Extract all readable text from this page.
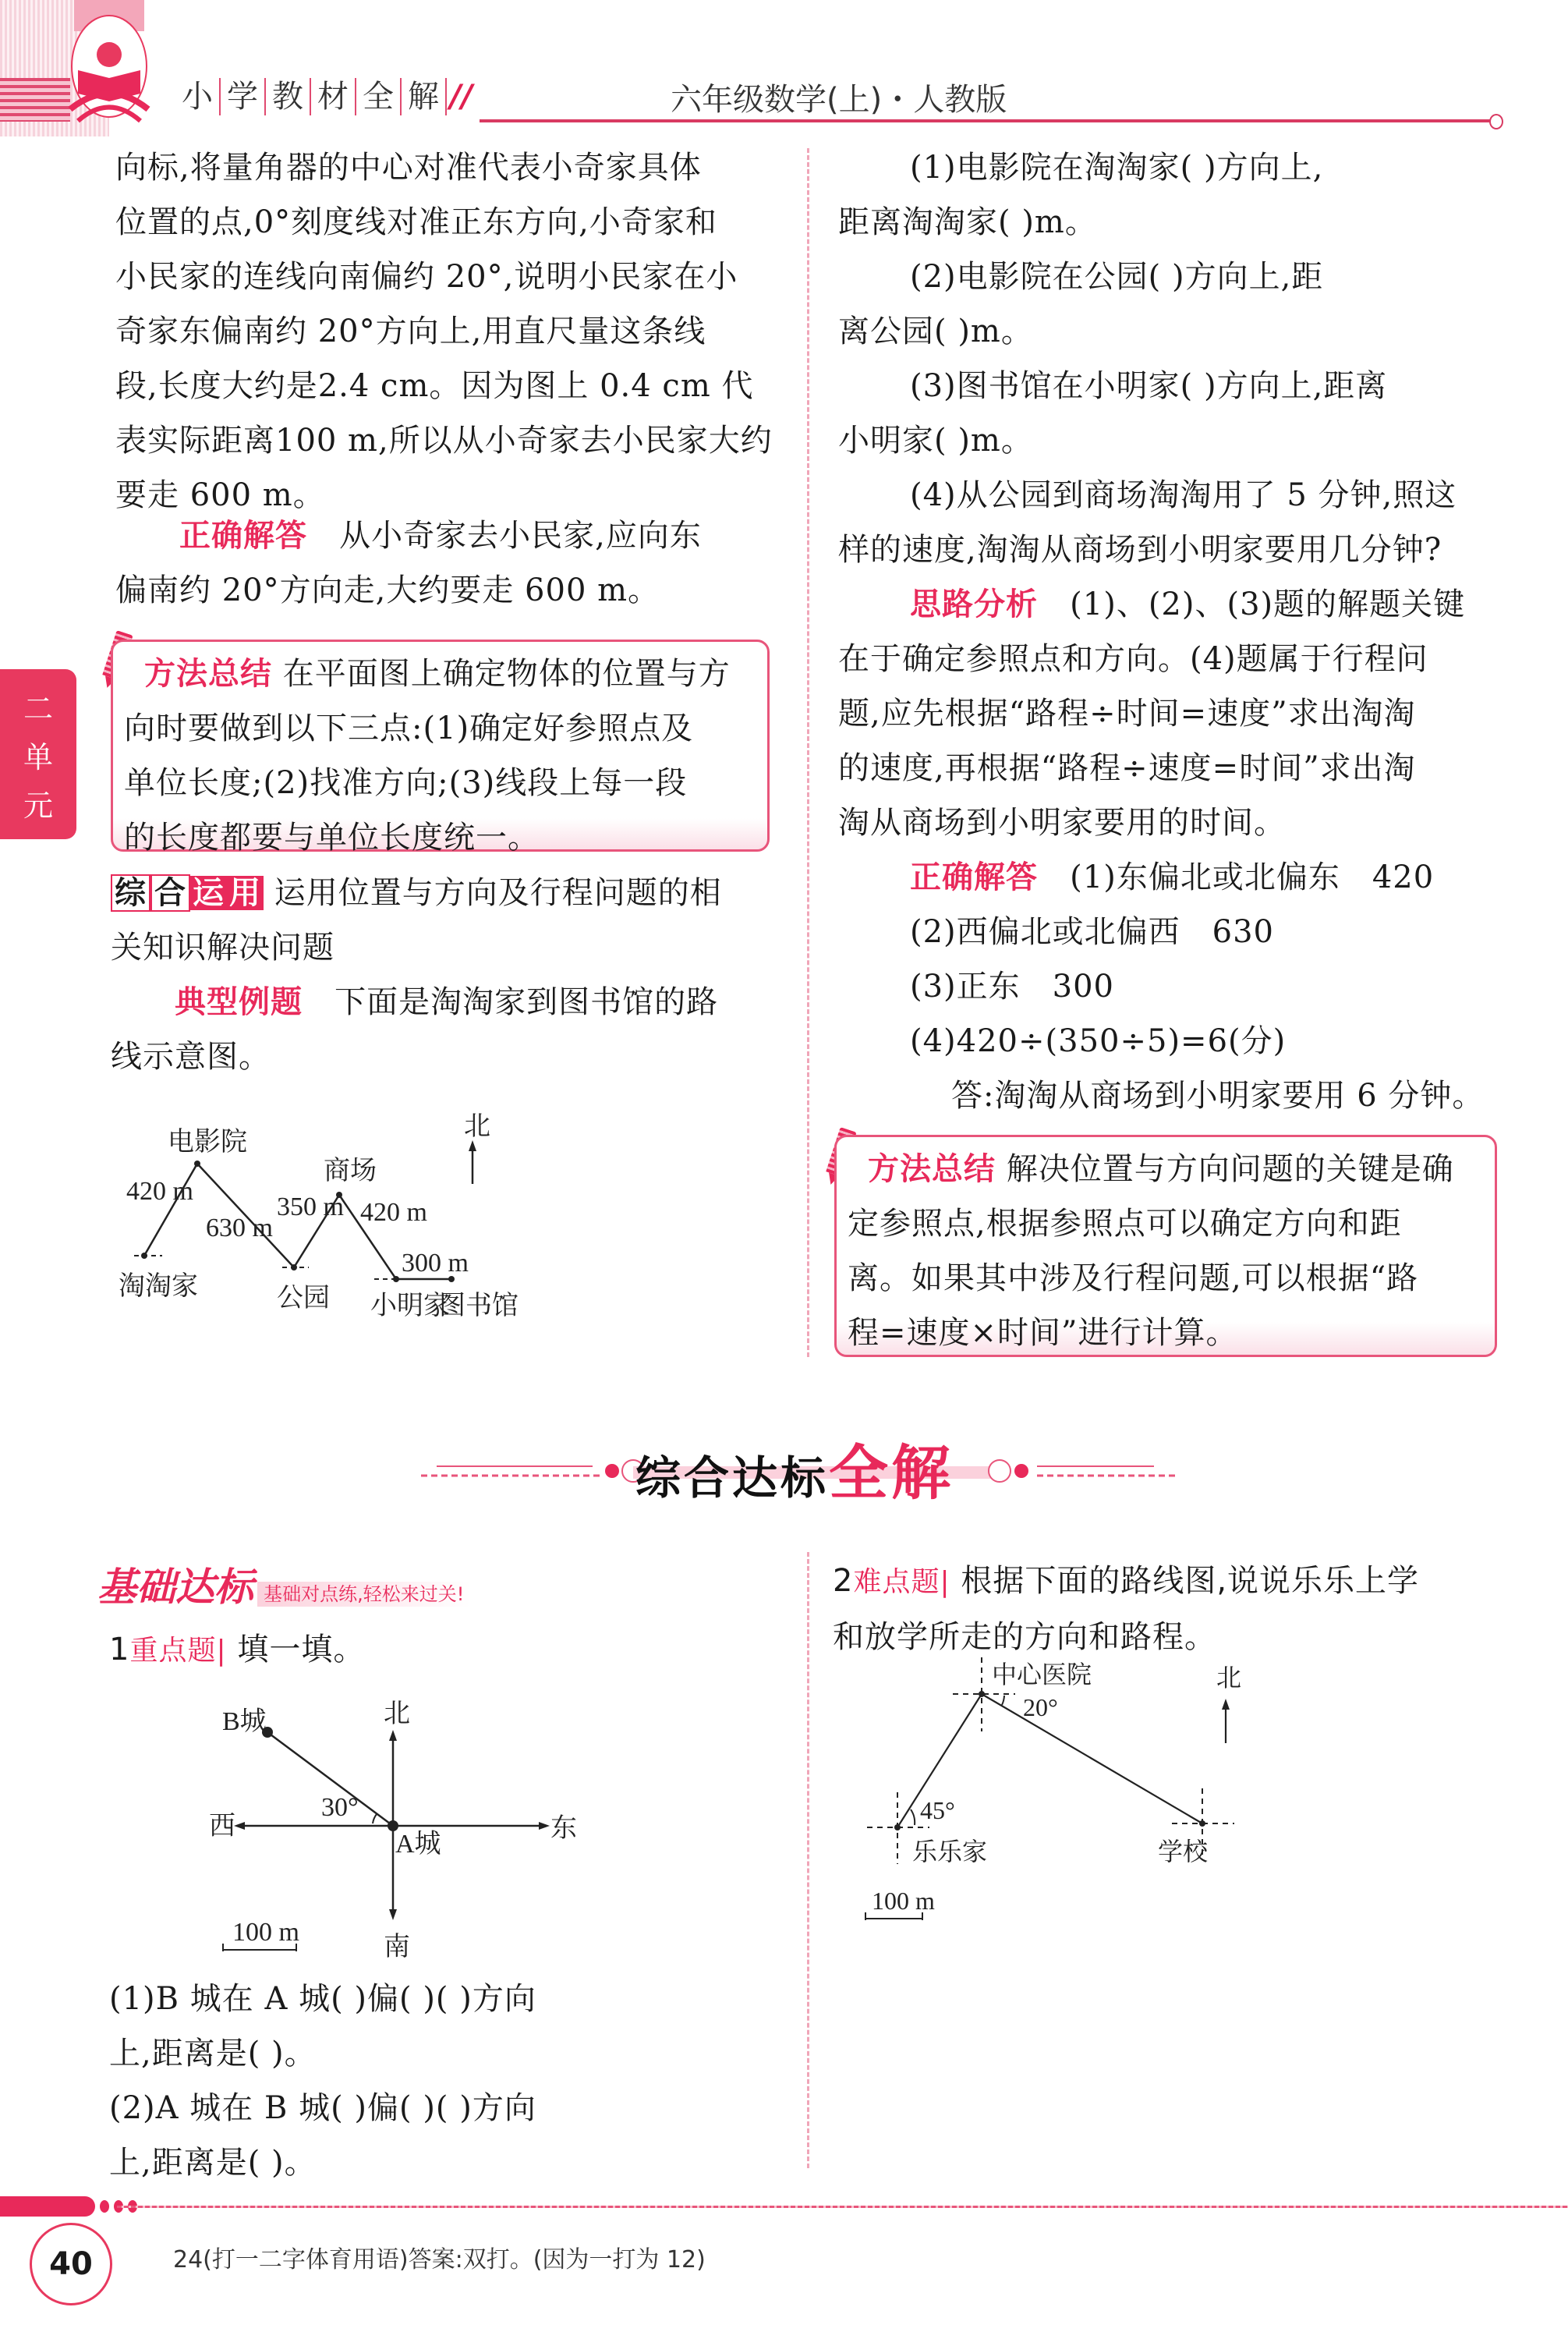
小 学 教 材 全 解 //	六年级数学(上)・人教版
二
单
元
向标,将量角器的中心对准代表小奇家具体
位置的点,0°刻度线对准正东方向,小奇家和
小民家的连线向南偏约 20°,说明小民家在小
奇家东偏南约 20°方向上,用直尺量这条线
段,长度大约是2.4 cm。因为图上 0.4 cm 代
表实际距离100 m,所以从小奇家去小民家大约
要走 600 m。
正确解答 从小奇家去小民家,应向东
偏南约 20°方向走,大约要走 600 m。
方法总结 在平面图上确定物体的位置与方
向时要做到以下三点:(1)确定好参照点及
单位长度;(2)找准方向;(3)线段上每一段
的长度都要与单位长度统一。
综 合 运 用 运用位置与方向及行程问题的相
关知识解决问题
典型例题 下面是淘淘家到图书馆的路
线示意图。
北
淘淘家
电影院
公园
商场
小明家
图书馆
420 m
630 m
350 m 420 m
300 m
(1)电影院在淘淘家( )方向上,
距离淘淘家( )m。
(2)电影院在公园( )方向上,距
离公园( )m。
(3)图书馆在小明家( )方向上,距离
小明家( )m。
(4)从公园到商场淘淘用了 5 分钟,照这
样的速度,淘淘从商场到小明家要用几分钟?
思路分析 (1)、(2)、(3)题的解题关键
在于确定参照点和方向。(4)题属于行程问
题,应先根据“路程÷时间=速度”求出淘淘
的速度,再根据“路程÷速度=时间”求出淘
淘从商场到小明家要用的时间。
正确解答 (1)东偏北或北偏东　420
(2)西偏北或北偏西　630
(3)正东　300
(4)420÷(350÷5)=6(分)
答:淘淘从商场到小明家要用 6 分钟。
方法总结 解决位置与方向问题的关键是确
定参照点,根据参照点可以确定方向和距
离。如果其中涉及行程问题,可以根据“路
程=速度×时间”进行计算。
综合达标全解
基础达标 基础对点练,轻松来过关!
1重点题| 填一填。
北
南
西	东
A城
B城
30°
100 m
(1)B 城在 A 城( )偏( )( )方向
上,距离是( )。
(2)A 城在 B 城( )偏( )( )方向
上,距离是( )。
2难点题| 根据下面的路线图,说说乐乐上学
和放学所走的方向和路程。
北
乐乐家
中心医院
学校
45°
20°
100 m
40	24(打一二字体育用语)答案:双打。(因为一打为 12)
